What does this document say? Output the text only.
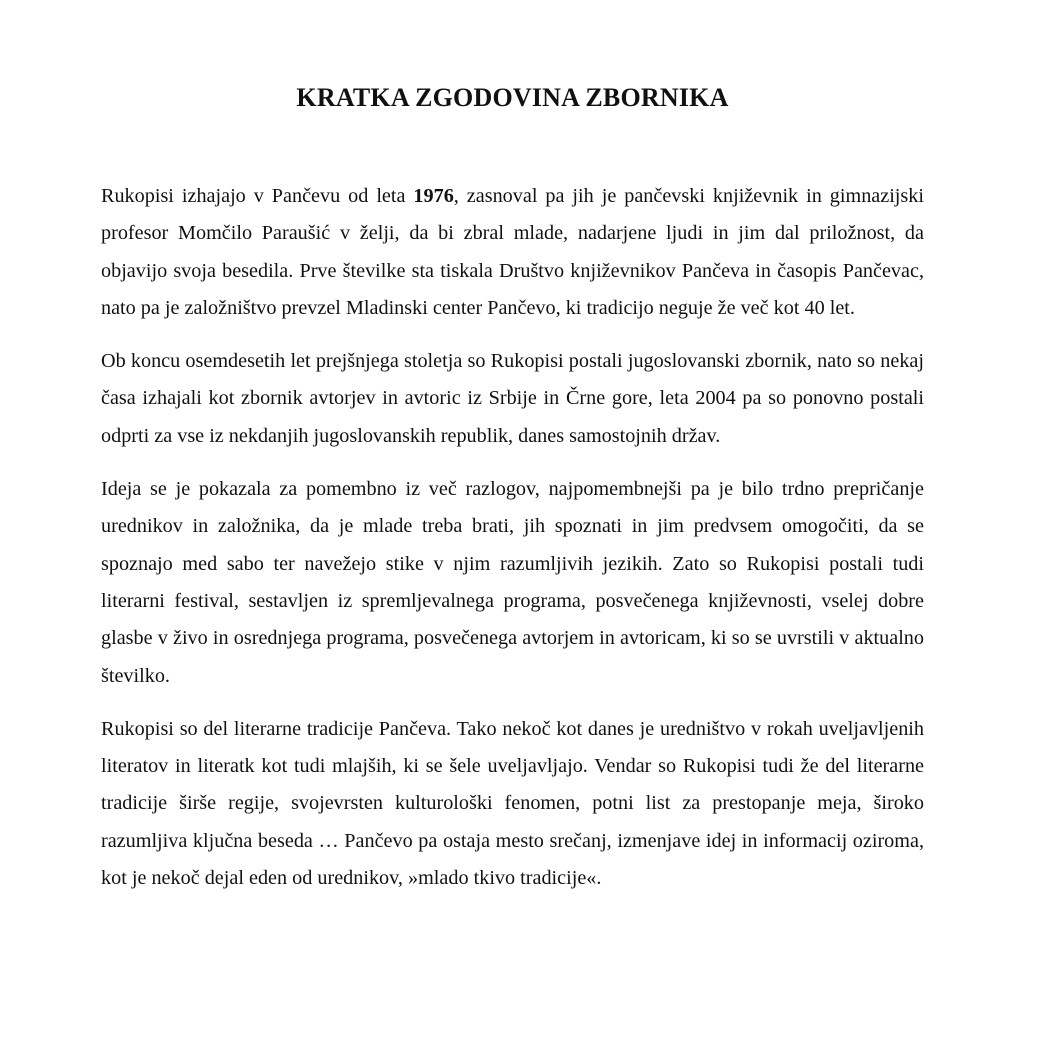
KRATKA ZGODOVINA ZBORNIKA

Rukopisi izhajajo v Pančevu od leta 1976, zasnoval pa jih je pančevski književnik in gimnazijski profesor Momčilo Paraušić v želji, da bi zbral mlade, nadarjene ljudi in jim dal priložnost, da objavijo svoja besedila. Prve številke sta tiskala Društvo književnikov Pančeva in časopis Pančevac, nato pa je založništvo prevzel Mladinski center Pančevo, ki tradicijo neguje že več kot 40 let.

Ob koncu osemdesetih let prejšnjega stoletja so Rukopisi postali jugoslovanski zbornik, nato so nekaj časa izhajali kot zbornik avtorjev in avtoric iz Srbije in Črne gore, leta 2004 pa so ponovno postali odprti za vse iz nekdanjih jugoslovanskih republik, danes samostojnih držav.

Ideja se je pokazala za pomembno iz več razlogov, najpomembnejši pa je bilo trdno prepričanje urednikov in založnika, da je mlade treba brati, jih spoznati in jim predvsem omogočiti, da se spoznajo med sabo ter navežejo stike v njim razumljivih jezikih. Zato so Rukopisi postali tudi literarni festival, sestavljen iz spremljevalnega programa, posvečenega književnosti, vselej dobre glasbe v živo in osrednjega programa, posvečenega avtorjem in avtoricam, ki so se uvrstili v aktualno številko.

Rukopisi so del literarne tradicije Pančeva. Tako nekoč kot danes je uredništvo v rokah uveljavljenih literatov in literatk kot tudi mlajših, ki se šele uveljavljajo. Vendar so Rukopisi tudi že del literarne tradicije širše regije, svojevrsten kulturološki fenomen, potni list za prestopanje meja, široko razumljiva ključna beseda … Pančevo pa ostaja mesto srečanj, izmenjave idej in informacij oziroma, kot je nekoč dejal eden od urednikov, »mlado tkivo tradicije«.
